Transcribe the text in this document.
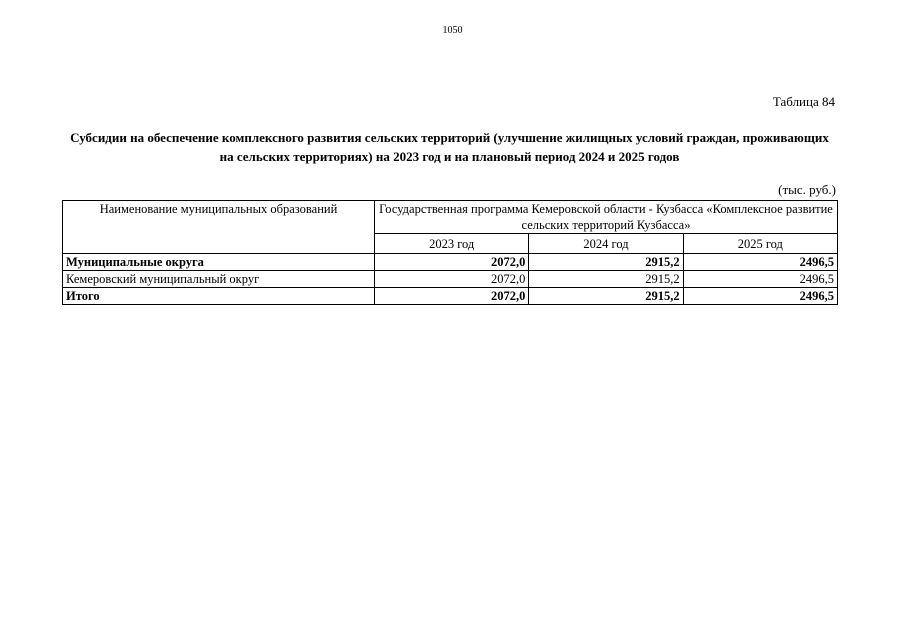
1050
Таблица 84
Субсидии на обеспечение комплексного развития сельских территорий (улучшение жилищных условий граждан, проживающих на сельских территориях) на 2023 год и на плановый период 2024 и 2025 годов
(тыс. руб.)
Наименование муниципальных образований	Государственная программа Кемеровской области - Кузбасса «Комплексное развитие сельских территорий Кузбасса»		
	2023 год	2024 год	2025 год
Муниципальные округа	2072,0	2915,2	2496,5
Кемеровский муниципальный округ	2072,0	2915,2	2496,5
Итого	2072,0	2915,2	2496,5
